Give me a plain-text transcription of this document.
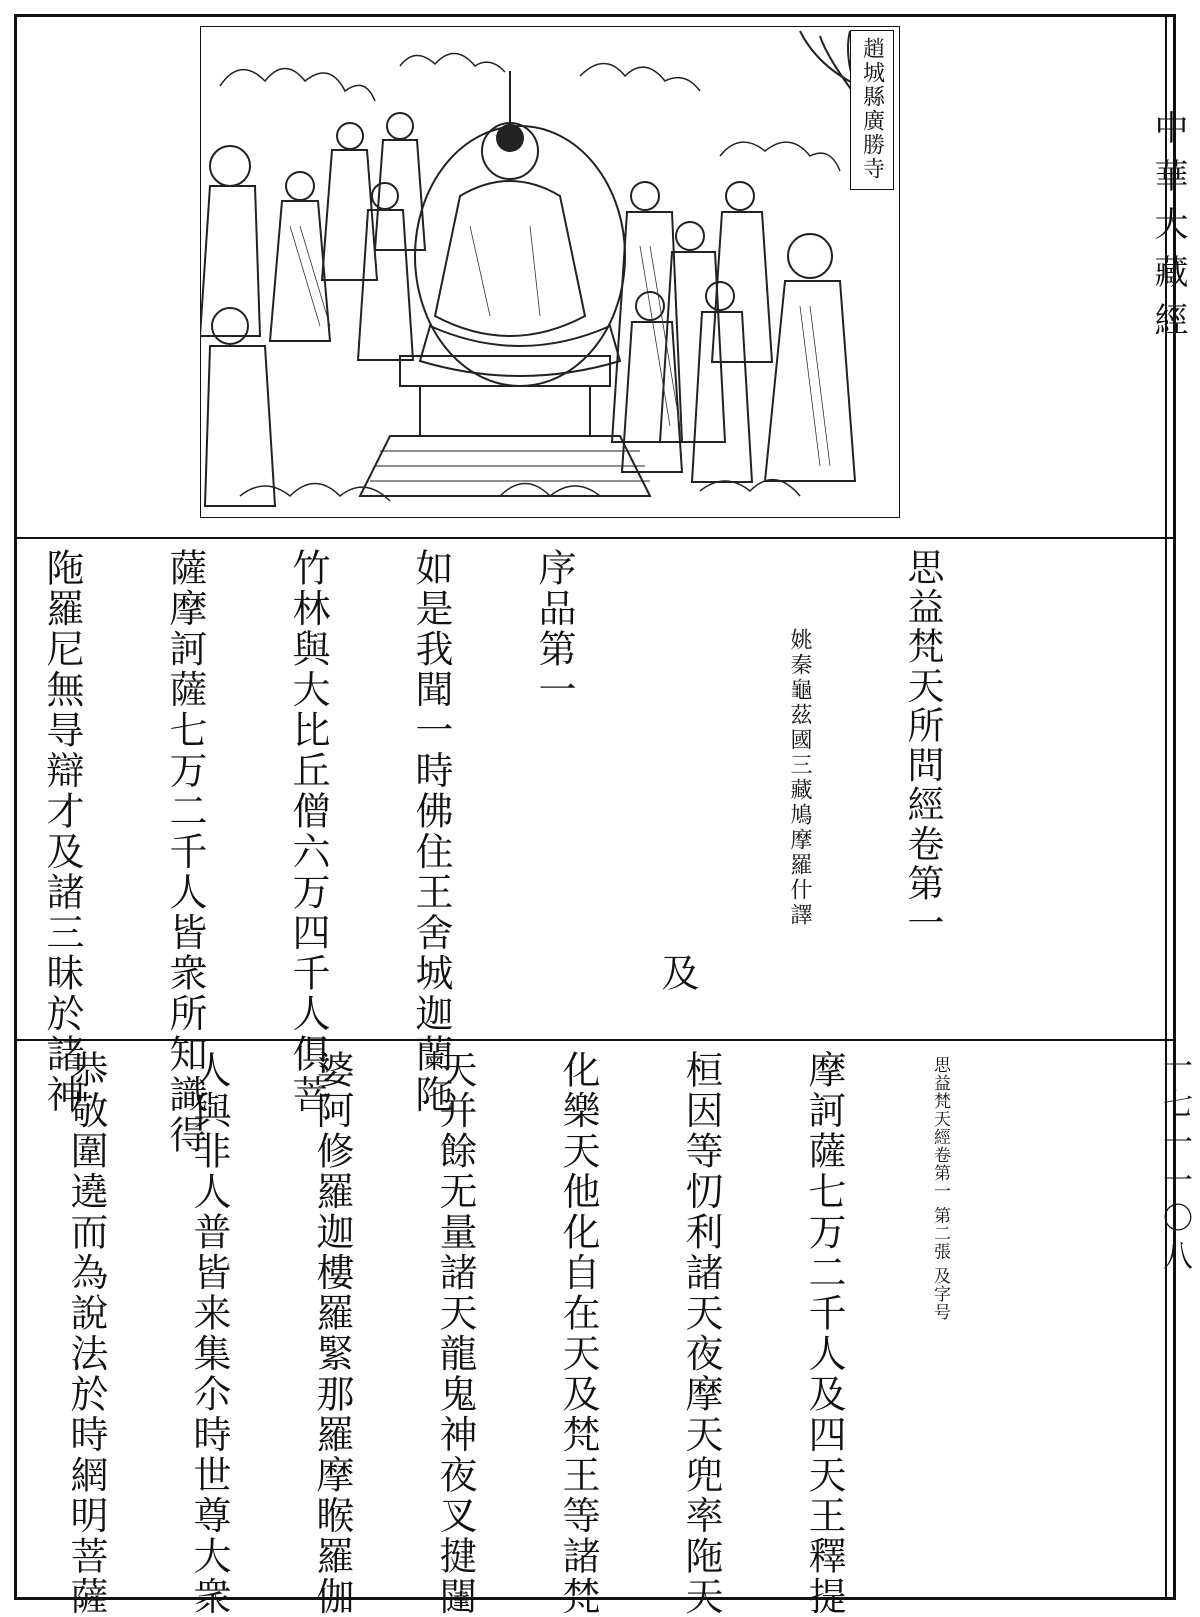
趙城縣廣勝寺
中華大藏經
一七一一〇八

思益梵天所問經卷第一

姚秦龜茲國三藏鳩摩羅什譯

及

序品第一

如是我聞一時佛住王舍城迦蘭陁

竹林與大比丘僧六万四千人俱菩

薩摩訶薩七万二千人皆衆所知識得

陁羅尼無㝵辯才及諸三昧於諸神

思益梵天經卷第一 第二張 及字号

摩訶薩七万二千人及四天王釋提

桓因等忉利諸天夜摩天兜率陁天

化樂天他化自在天及梵王等諸梵

天并餘无量諸天龍鬼神夜叉揵闥

婆阿修羅迦樓羅緊那羅摩睺羅伽

人與非人普皆来集尒時世尊大衆

恭敬圍遶而為說法於時網明菩薩
